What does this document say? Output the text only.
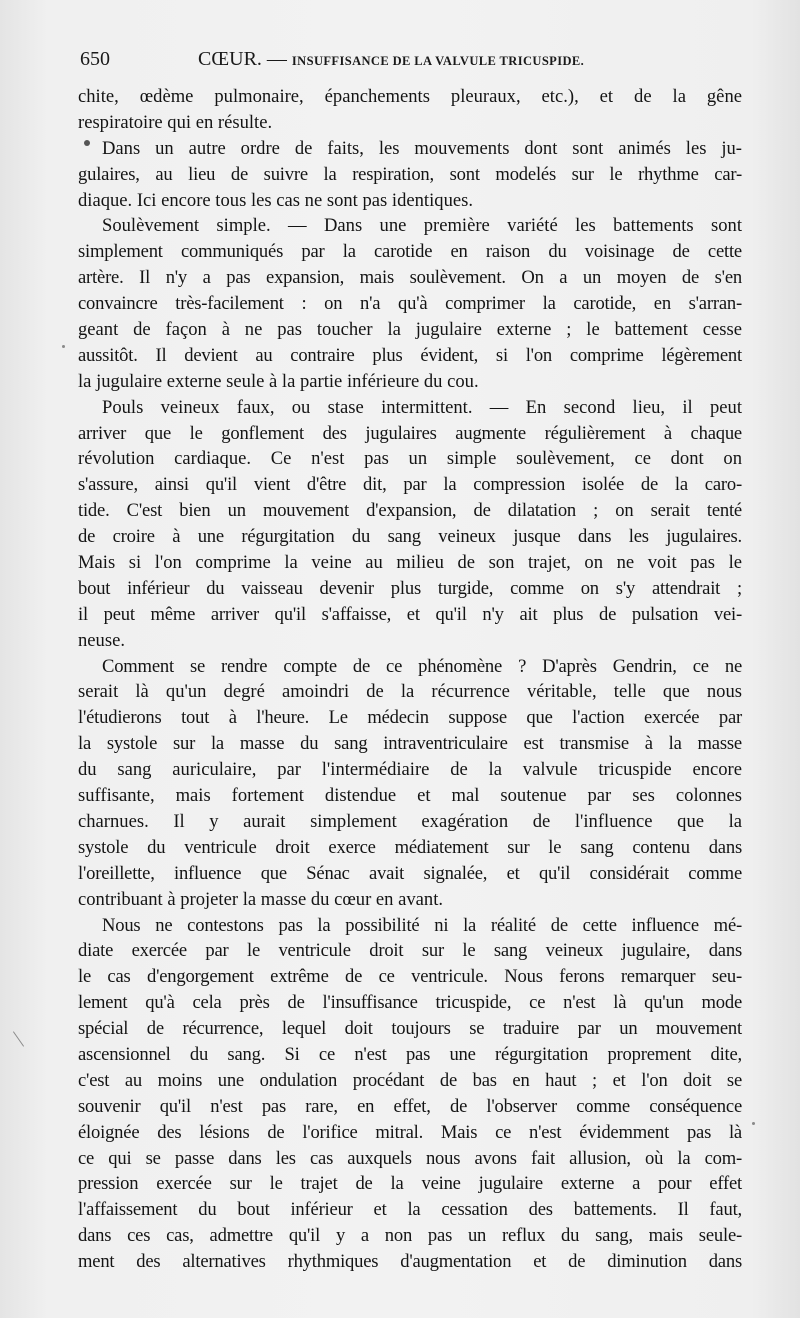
650	CŒUR. — INSUFFISANCE DE LA VALVULE TRICUSPIDE.
chite, œdème pulmonaire, épanchements pleuraux, etc.), et de la gêne
respiratoire qui en résulte.
Dans un autre ordre de faits, les mouvements dont sont animés les ju-
gulaires, au lieu de suivre la respiration, sont modelés sur le rhythme car-
diaque. Ici encore tous les cas ne sont pas identiques.
Soulèvement simple. — Dans une première variété les battements sont
simplement communiqués par la carotide en raison du voisinage de cette
artère. Il n'y a pas expansion, mais soulèvement. On a un moyen de s'en
convaincre très-facilement : on n'a qu'à comprimer la carotide, en s'arran-
geant de façon à ne pas toucher la jugulaire externe ; le battement cesse
aussitôt. Il devient au contraire plus évident, si l'on comprime légèrement
la jugulaire externe seule à la partie inférieure du cou.
Pouls veineux faux, ou stase intermittent. — En second lieu, il peut
arriver que le gonflement des jugulaires augmente régulièrement à chaque
révolution cardiaque. Ce n'est pas un simple soulèvement, ce dont on
s'assure, ainsi qu'il vient d'être dit, par la compression isolée de la caro-
tide. C'est bien un mouvement d'expansion, de dilatation ; on serait tenté
de croire à une régurgitation du sang veineux jusque dans les jugulaires.
Mais si l'on comprime la veine au milieu de son trajet, on ne voit pas le
bout inférieur du vaisseau devenir plus turgide, comme on s'y attendrait ;
il peut même arriver qu'il s'affaisse, et qu'il n'y ait plus de pulsation vei-
neuse.
Comment se rendre compte de ce phénomène ? D'après Gendrin, ce ne
serait là qu'un degré amoindri de la récurrence véritable, telle que nous
l'étudierons tout à l'heure. Le médecin suppose que l'action exercée par
la systole sur la masse du sang intraventriculaire est transmise à la masse
du sang auriculaire, par l'intermédiaire de la valvule tricuspide encore
suffisante, mais fortement distendue et mal soutenue par ses colonnes
charnues. Il y aurait simplement exagération de l'influence que la
systole du ventricule droit exerce médiatement sur le sang contenu dans
l'oreillette, influence que Sénac avait signalée, et qu'il considérait comme
contribuant à projeter la masse du cœur en avant.
Nous ne contestons pas la possibilité ni la réalité de cette influence mé-
diate exercée par le ventricule droit sur le sang veineux jugulaire, dans
le cas d'engorgement extrême de ce ventricule. Nous ferons remarquer seu-
lement qu'à cela près de l'insuffisance tricuspide, ce n'est là qu'un mode
spécial de récurrence, lequel doit toujours se traduire par un mouvement
ascensionnel du sang. Si ce n'est pas une régurgitation proprement dite,
c'est au moins une ondulation procédant de bas en haut ; et l'on doit se
souvenir qu'il n'est pas rare, en effet, de l'observer comme conséquence
éloignée des lésions de l'orifice mitral. Mais ce n'est évidemment pas là
ce qui se passe dans les cas auxquels nous avons fait allusion, où la com-
pression exercée sur le trajet de la veine jugulaire externe a pour effet
l'affaissement du bout inférieur et la cessation des battements. Il faut,
dans ces cas, admettre qu'il y a non pas un reflux du sang, mais seule-
ment des alternatives rhythmiques d'augmentation et de diminution dans
